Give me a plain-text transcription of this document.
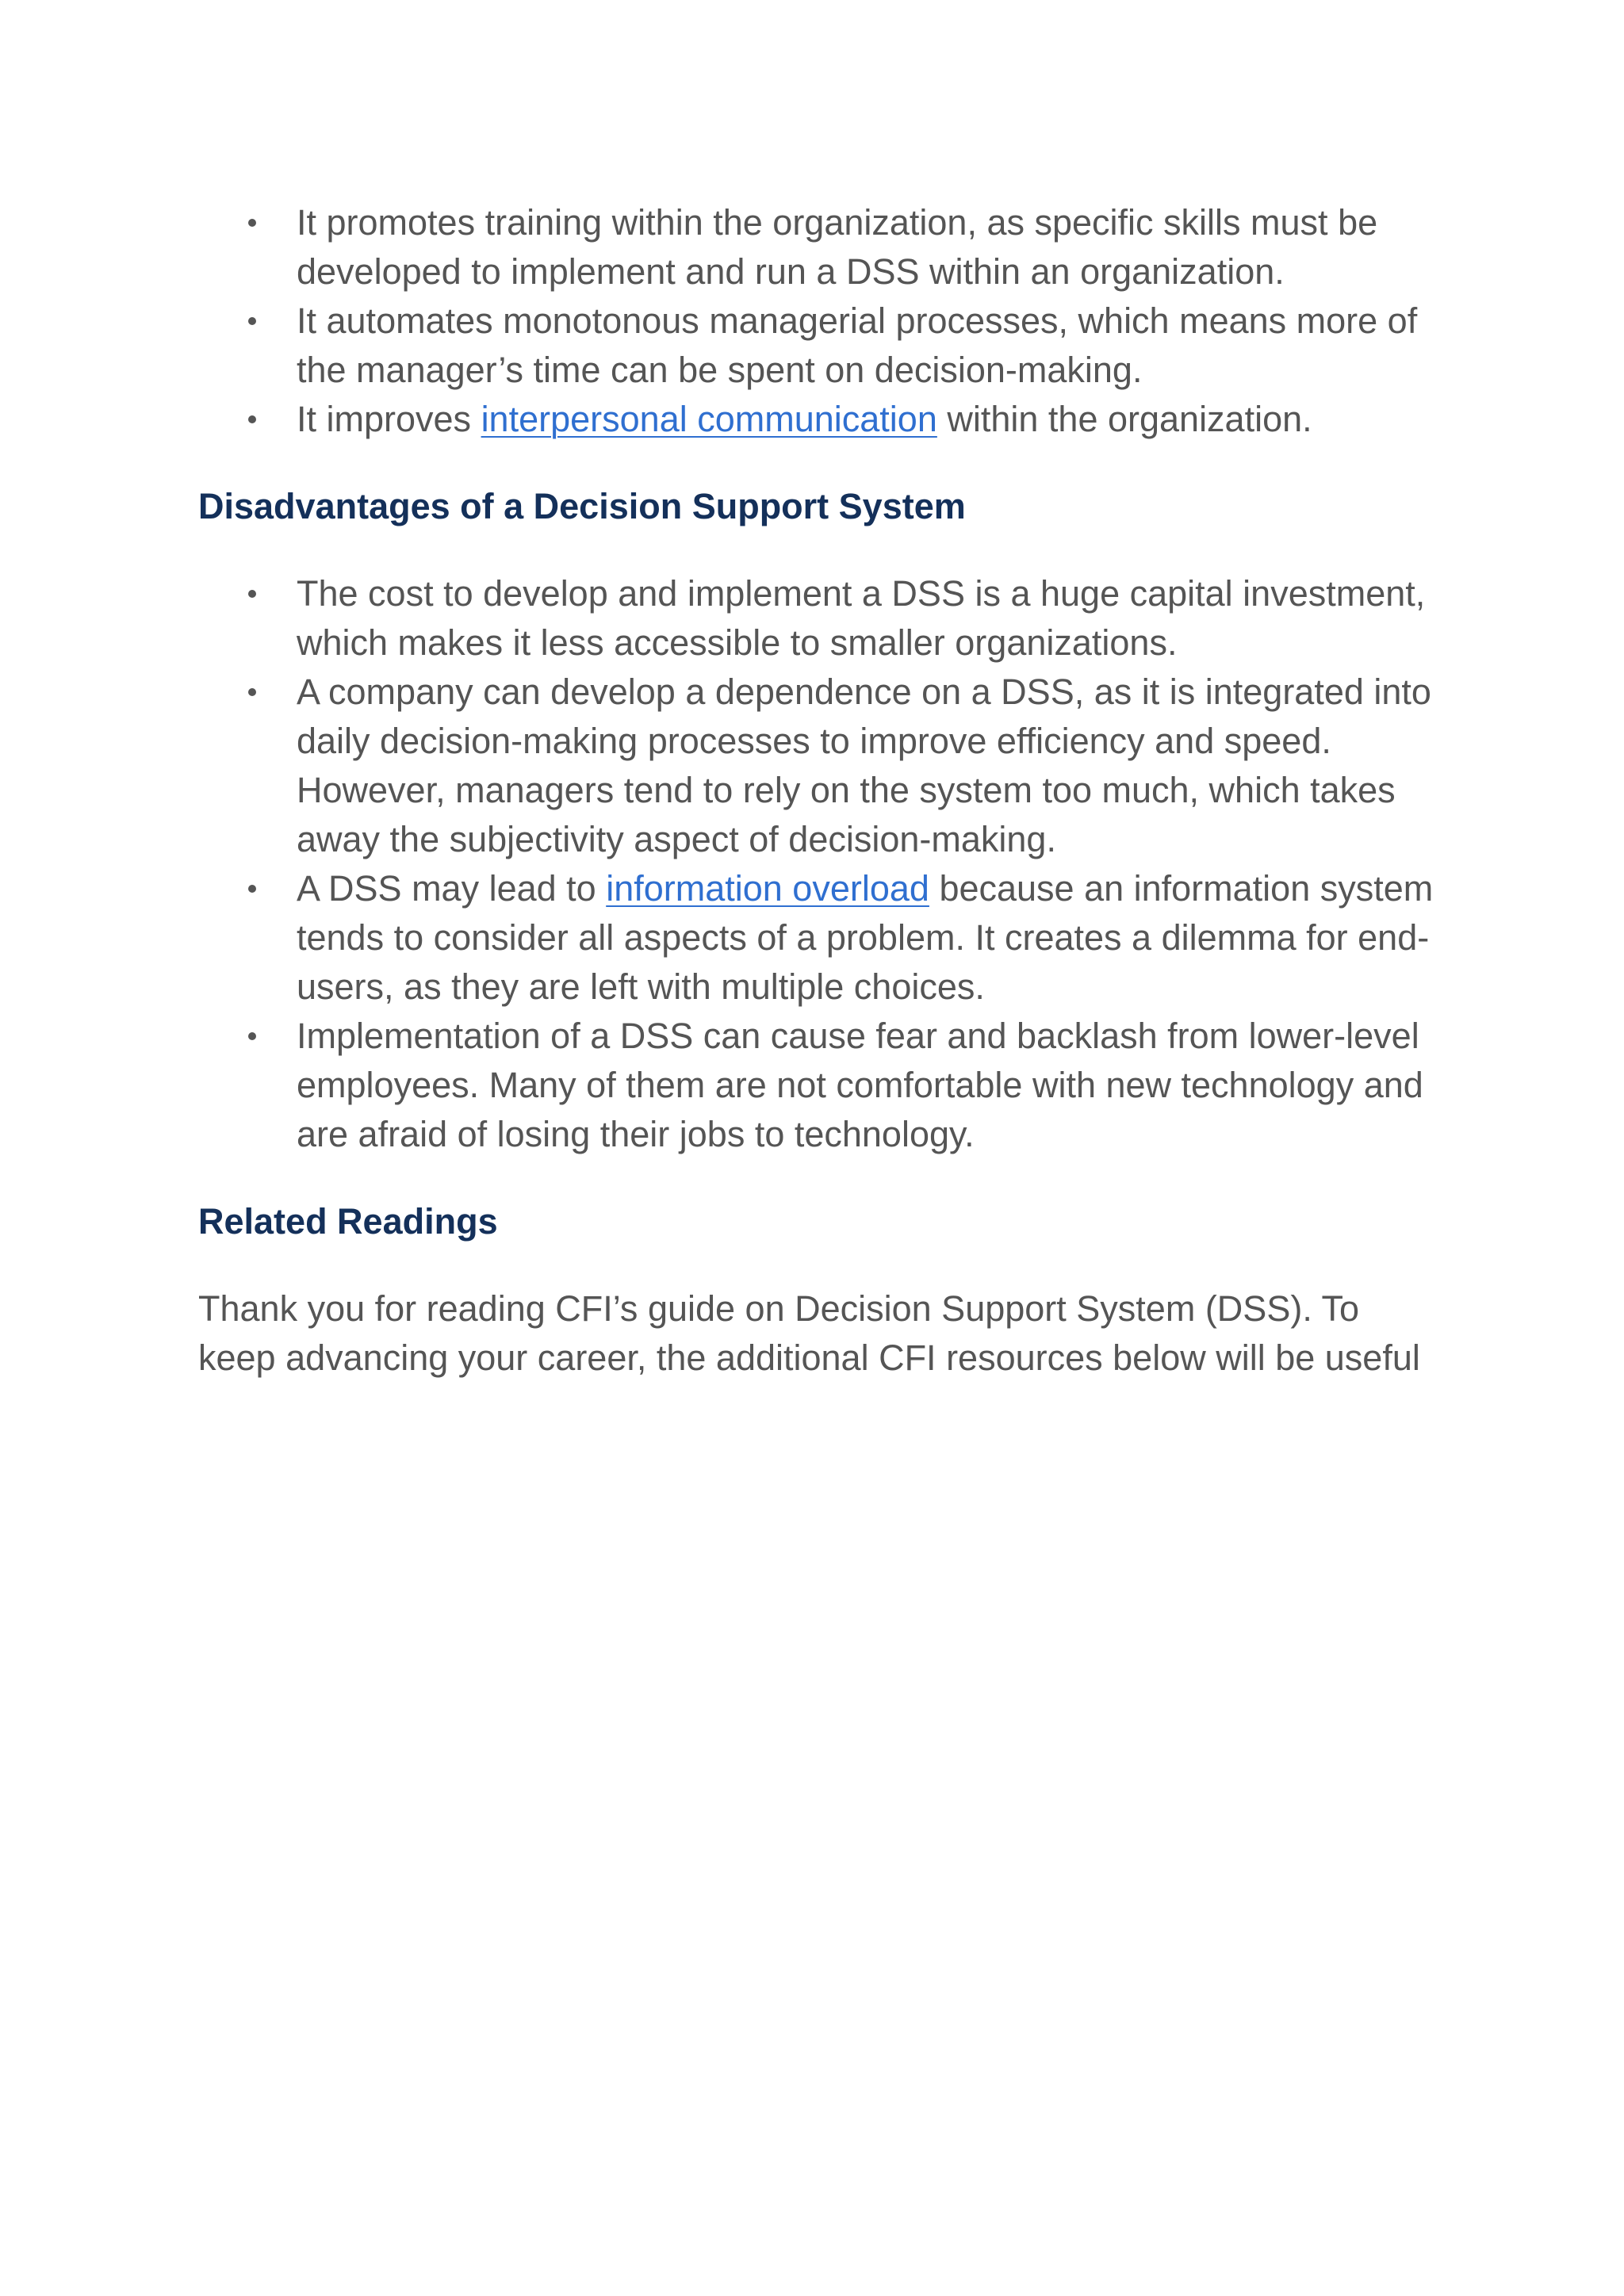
It promotes training within the organization, as specific skills must be developed to implement and run a DSS within an organization.
It automates monotonous managerial processes, which means more of the manager’s time can be spent on decision-making.
It improves interpersonal communication within the organization.
Disadvantages of a Decision Support System
The cost to develop and implement a DSS is a huge capital investment, which makes it less accessible to smaller organizations.
A company can develop a dependence on a DSS, as it is integrated into daily decision-making processes to improve efficiency and speed. However, managers tend to rely on the system too much, which takes away the subjectivity aspect of decision-making.
A DSS may lead to information overload because an information system tends to consider all aspects of a problem. It creates a dilemma for end-users, as they are left with multiple choices.
Implementation of a DSS can cause fear and backlash from lower-level employees. Many of them are not comfortable with new technology and are afraid of losing their jobs to technology.
Related Readings

Thank you for reading CFI’s guide on Decision Support System (DSS). To keep advancing your career, the additional CFI resources below will be useful
